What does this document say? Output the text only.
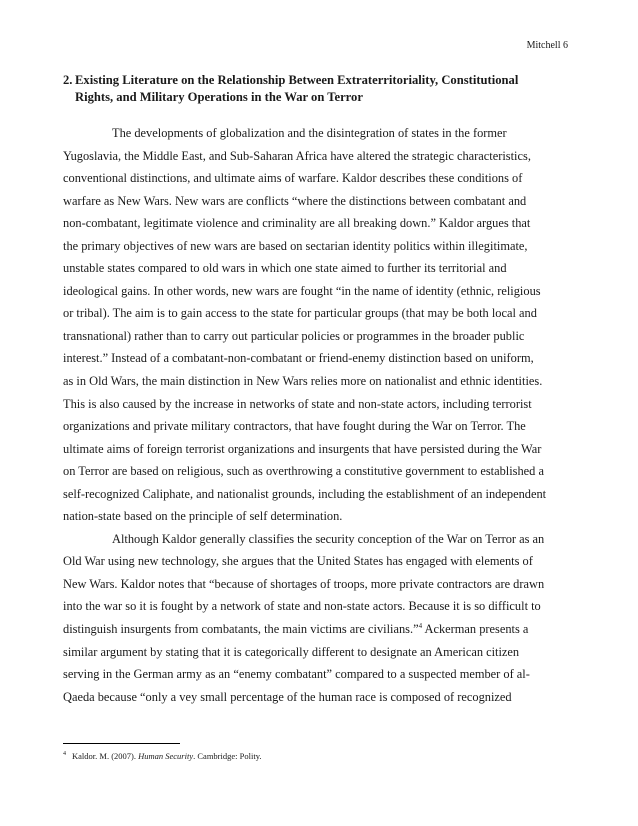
Mitchell 6
2. Existing Literature on the Relationship Between Extraterritoriality, Constitutional
Rights, and Military Operations in the War on Terror
The developments of globalization and the disintegration of states in the former
Yugoslavia, the Middle East, and Sub-Saharan Africa have altered the strategic characteristics,
conventional distinctions, and ultimate aims of warfare. Kaldor describes these conditions of
warfare as New Wars. New wars are conflicts “where the distinctions between combatant and
non-combatant, legitimate violence and criminality are all breaking down.” Kaldor argues that
the primary objectives of new wars are based on sectarian identity politics within illegitimate,
unstable states compared to old wars in which one state aimed to further its territorial and
ideological gains. In other words, new wars are fought “in the name of identity (ethnic, religious
or tribal). The aim is to gain access to the state for particular groups (that may be both local and
transnational) rather than to carry out particular policies or programmes in the broader public
interest.” Instead of a combatant-non-combatant or friend-enemy distinction based on uniform,
as in Old Wars, the main distinction in New Wars relies more on nationalist and ethnic identities.
This is also caused by the increase in networks of state and non-state actors, including terrorist
organizations and private military contractors, that have fought during the War on Terror. The
ultimate aims of foreign terrorist organizations and insurgents that have persisted during the War
on Terror are based on religious, such as overthrowing a constitutive government to established a
self-recognized Caliphate, and nationalist grounds, including the establishment of an independent
nation-state based on the principle of self determination.
Although Kaldor generally classifies the security conception of the War on Terror as an
Old War using new technology, she argues that the United States has engaged with elements of
New Wars. Kaldor notes that “because of shortages of troops, more private contractors are drawn
into the war so it is fought by a network of state and non-state actors. Because it is so difficult to
distinguish insurgents from combatants, the main victims are civilians.”$^4$ Ackerman presents a
similar argument by stating that it is categorically different to designate an American citizen
serving in the German army as an “enemy combatant” compared to a suspected member of al-
Qaeda because “only a vey small percentage of the human race is composed of recognized
$^4$ Kaldor. M. (2007). Human Security. Cambridge: Polity.
